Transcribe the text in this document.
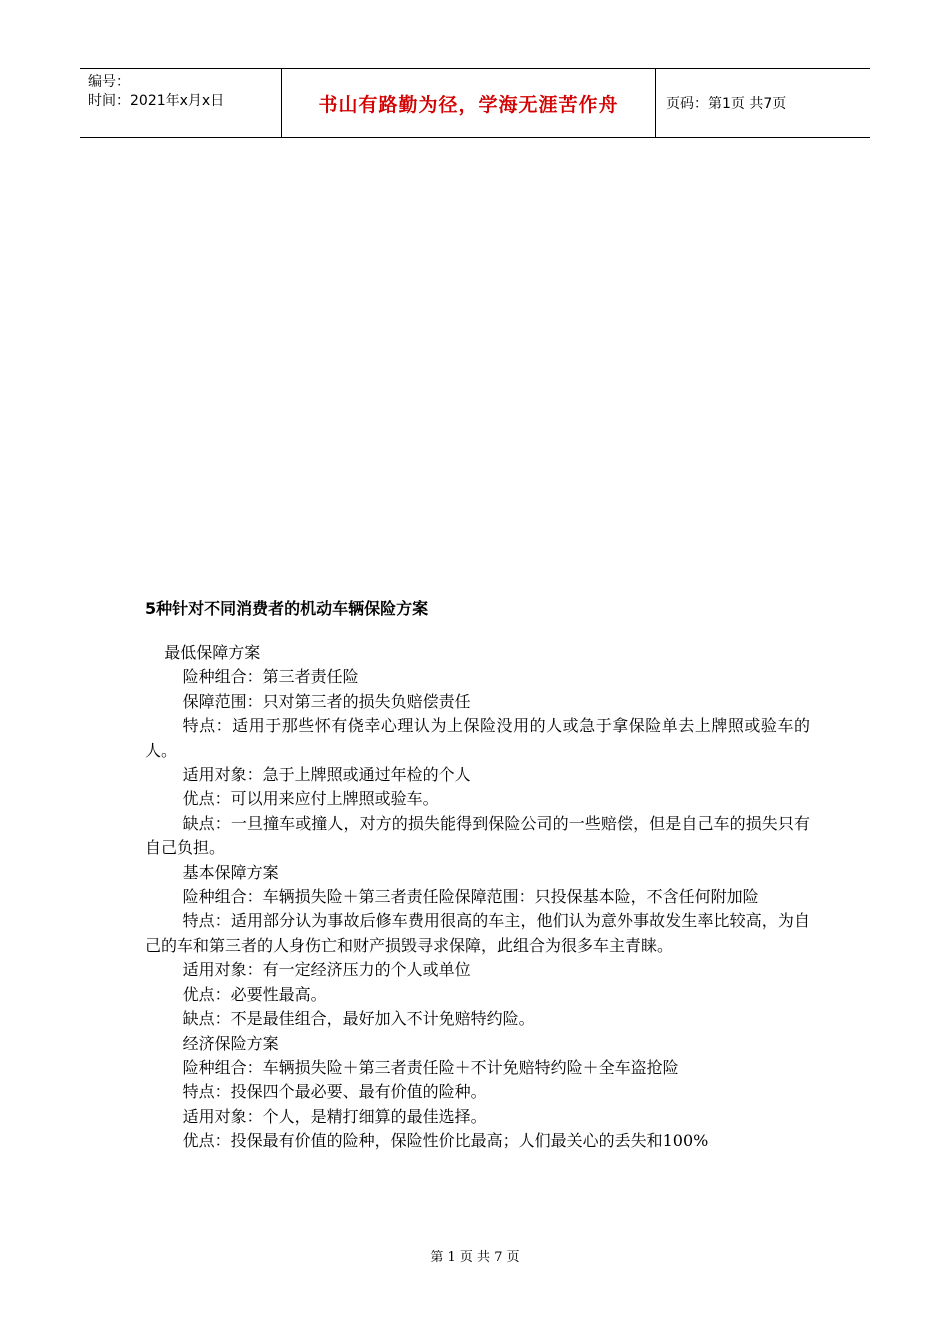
编号：
时间：2021年x月x日	书山有路勤为径，学海无涯苦作舟	页码：第1页 共7页
5种针对不同消费者的机动车辆保险方案

最低保障方案

险种组合：第三者责任险

保障范围：只对第三者的损失负赔偿责任

特点：适用于那些怀有侥幸心理认为上保险没用的人或急于拿保险单去上牌照或验车的人。

适用对象：急于上牌照或通过年检的个人

优点：可以用来应付上牌照或验车。

缺点：一旦撞车或撞人，对方的损失能得到保险公司的一些赔偿，但是自己车的损失只有自己负担。

基本保障方案

险种组合：车辆损失险＋第三者责任险保障范围：只投保基本险，不含任何附加险

特点：适用部分认为事故后修车费用很高的车主，他们认为意外事故发生率比较高，为自己的车和第三者的人身伤亡和财产损毁寻求保障，此组合为很多车主青睐。

适用对象：有一定经济压力的个人或单位

优点：必要性最高。

缺点：不是最佳组合，最好加入不计免赔特约险。

经济保险方案

险种组合：车辆损失险＋第三者责任险＋不计免赔特约险＋全车盗抢险

特点：投保四个最必要、最有价值的险种。

适用对象：个人，是精打细算的最佳选择。

优点：投保最有价值的险种，保险性价比最高；人们最关心的丢失和100%

第 1 页 共 7 页
